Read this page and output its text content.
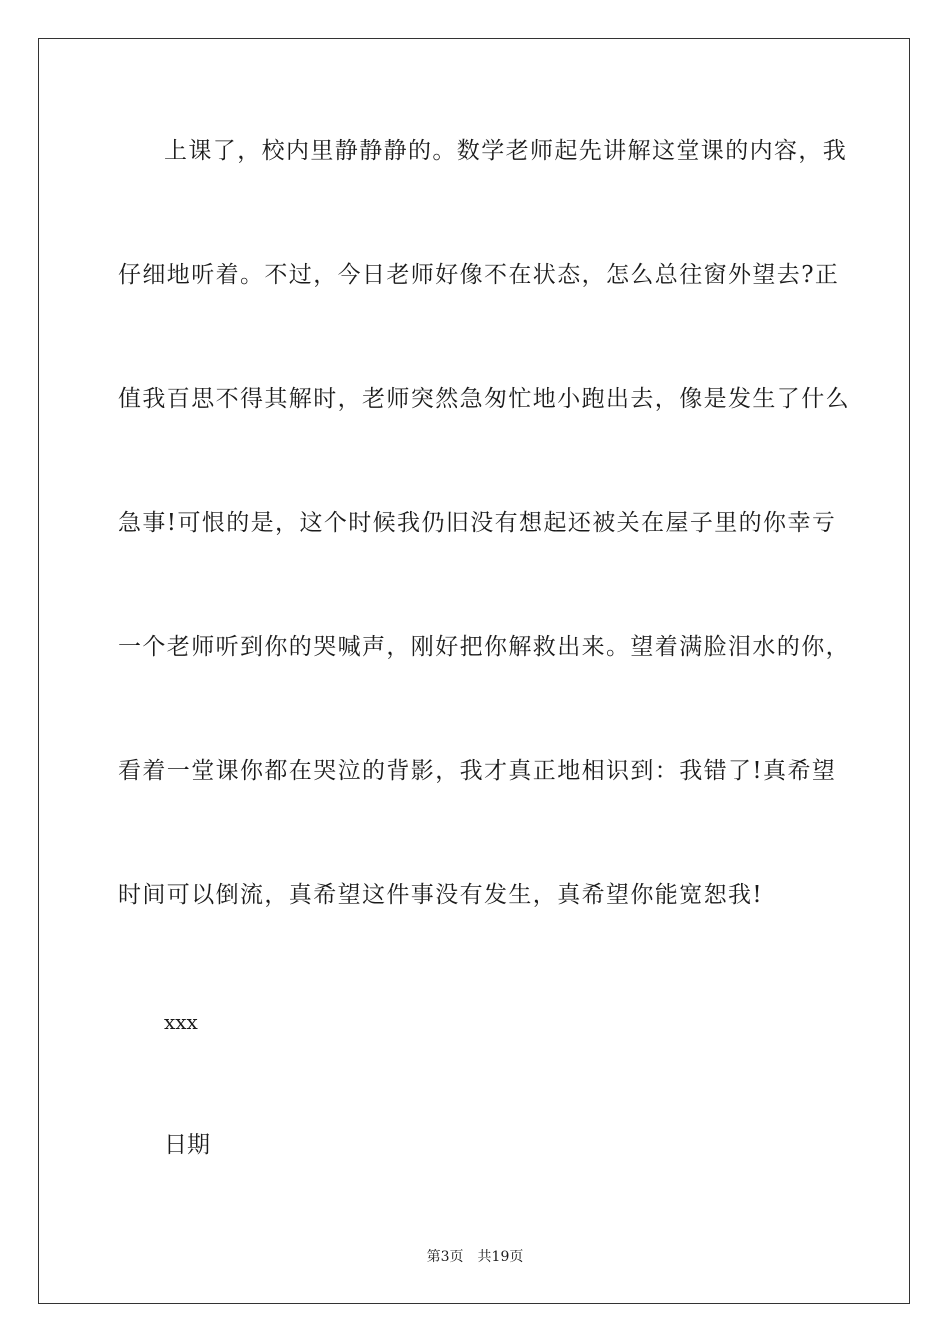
上课了，校内里静静静的。数学老师起先讲解这堂课的内容，我
仔细地听着。不过，今日老师好像不在状态，怎么总往窗外望去?正
值我百思不得其解时，老师突然急匆忙地小跑出去，像是发生了什么
急事!可恨的是，这个时候我仍旧没有想起还被关在屋子里的你幸亏
一个老师听到你的哭喊声，刚好把你解救出来。望着满脸泪水的你，
看着一堂课你都在哭泣的背影，我才真正地相识到：我错了!真希望
时间可以倒流，真希望这件事没有发生，真希望你能宽恕我!
xxx
日期
第3页 共19页
